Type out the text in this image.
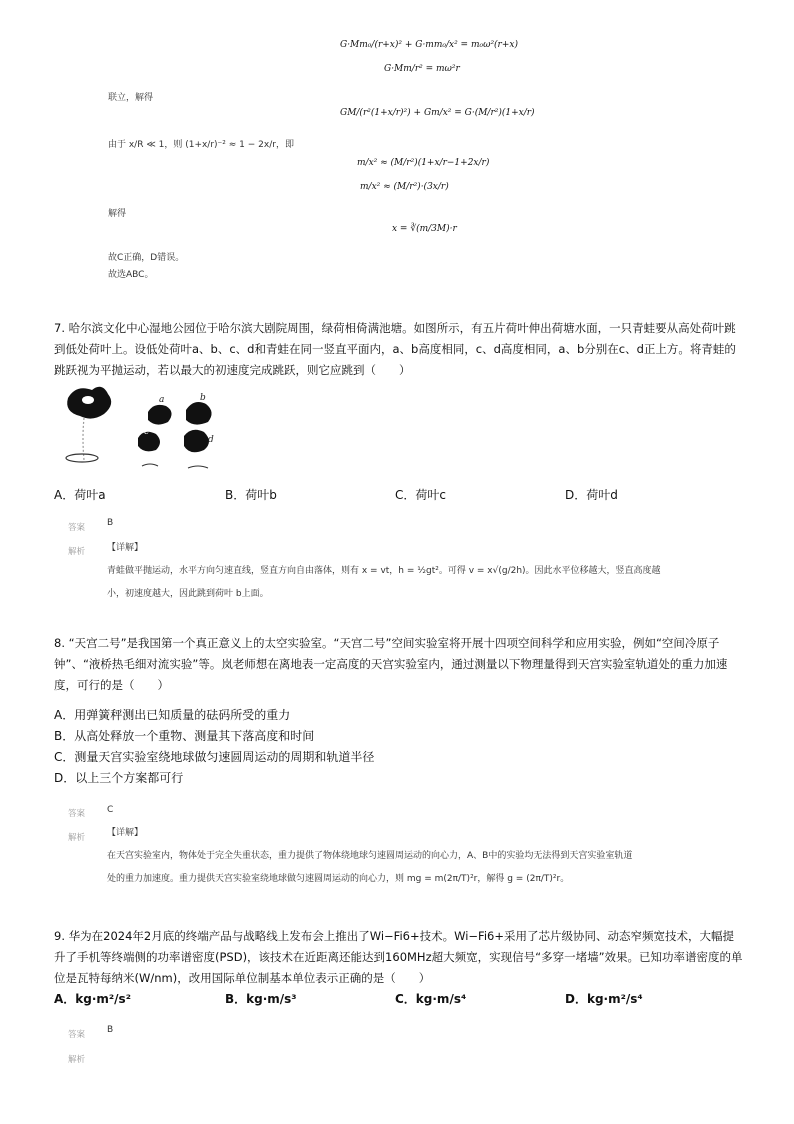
G·Mm₀/(r+x)² + G·mm₀/x² = m₀ω²(r+x)
G·Mm/r² = mω²r
联立，解得
GM/(r²(1+x/r)²) + Gm/x² = G·(M/r²)(1+x/r)
由于 x/R ≪ 1，则 (1+x/r)⁻² ≈ 1 − 2x/r，即
m/x² ≈ (M/r²)(1+x/r−1+2x/r)
m/x² ≈ (M/r²)·(3x/r)
解得
x = ∛(m/3M)·r
故C正确，D错误。
故选ABC。
7. 哈尔滨文化中心湿地公园位于哈尔滨大剧院周围，绿荷相倚满池塘。如图所示，有五片荷叶伸出荷塘水面，一只青蛙要从高处荷叶跳到低处荷叶上。设低处荷叶a、b、c、d和青蛙在同一竖直平面内，a、b高度相同，c、d高度相同，a、b分别在c、d正上方。将青蛙的跳跃视为平抛运动，若以最大的初速度完成跳跃，则它应跳到（　　）
a	b
c
d
A．荷叶a	B．荷叶b	C．荷叶c	D．荷叶d
答案 B
解析 【详解】
青蛙做平抛运动，水平方向匀速直线，竖直方向自由落体，则有 x = vt，h = ½gt²。可得 v = x√(g/2h)。因此水平位移越大，竖直高度越
小，初速度越大，因此跳到荷叶 b上面。
8. “天宫二号”是我国第一个真正意义上的太空实验室。“天宫二号”空间实验室将开展十四项空间科学和应用实验，例如“空间冷原子钟”、“液桥热毛细对流实验”等。岚老师想在离地表一定高度的天宫实验室内，通过测量以下物理量得到天宫实验室轨道处的重力加速度，可行的是（　　）
A．用弹簧秤测出已知质量的砝码所受的重力
B．从高处释放一个重物、测量其下落高度和时间
C．测量天宫实验室绕地球做匀速圆周运动的周期和轨道半径
D．以上三个方案都可行
答案 C
解析 【详解】
在天宫实验室内，物体处于完全失重状态，重力提供了物体绕地球匀速圆周运动的向心力，A、B中的实验均无法得到天宫实验室轨道
处的重力加速度。重力提供天宫实验室绕地球做匀速圆周运动的向心力，则 mg = m(2π/T)²r，解得 g = (2π/T)²r。
9. 华为在2024年2月底的终端产品与战略线上发布会上推出了Wi−Fi6+技术。Wi−Fi6+采用了芯片级协同、动态窄频宽技术，大幅提升了手机等终端侧的功率谱密度(PSD)，该技术在近距离还能达到160MHz超大频宽，实现信号“多穿一堵墙”效果。已知功率谱密度的单位是瓦特每纳米(W/nm)，改用国际单位制基本单位表示正确的是（　　）
A．kg·m²/s²	B．kg·m/s³	C．kg·m/s⁴	D．kg·m²/s⁴
答案 B
解析
